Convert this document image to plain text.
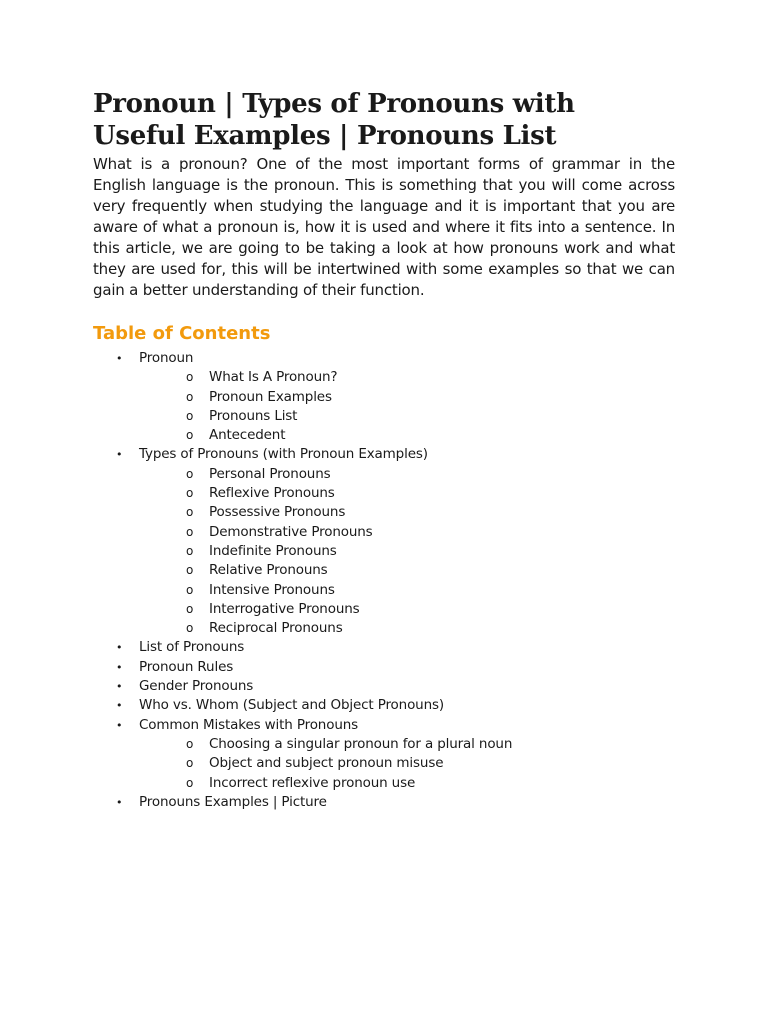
Pronoun | Types of Pronouns with Useful Examples | Pronouns List

What is a pronoun? One of the most important forms of grammar in the English language is the pronoun. This is something that you will come across very frequently when studying the language and it is important that you are aware of what a pronoun is, how it is used and where it fits into a sentence. In this article, we are going to be taking a look at how pronouns work and what they are used for, this will be intertwined with some examples so that we can gain a better understanding of their function.

Table of Contents
• Pronoun
o What Is A Pronoun?
o Pronoun Examples
o Pronouns List
o Antecedent
• Types of Pronouns (with Pronoun Examples)
o Personal Pronouns
o Reflexive Pronouns
o Possessive Pronouns
o Demonstrative Pronouns
o Indefinite Pronouns
o Relative Pronouns
o Intensive Pronouns
o Interrogative Pronouns
o Reciprocal Pronouns
• List of Pronouns
• Pronoun Rules
• Gender Pronouns
• Who vs. Whom (Subject and Object Pronouns)
• Common Mistakes with Pronouns
o Choosing a singular pronoun for a plural noun
o Object and subject pronoun misuse
o Incorrect reflexive pronoun use
• Pronouns Examples | Picture
